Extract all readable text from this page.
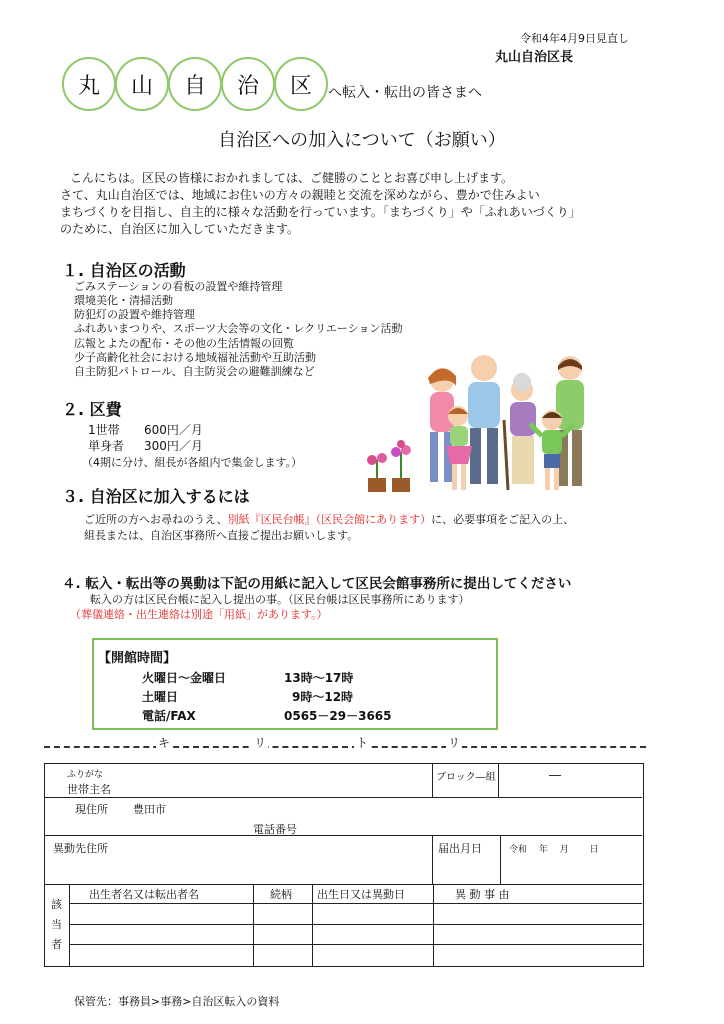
令和4年4月9日見直し
丸山自治区長
丸	山	自	治	区	へ転入・転出の皆さまへ
自治区への加入について（お願い）
こんにちは。区民の皆様におかれましては、ご健勝のこととお喜び申し上げます。
さて、丸山自治区では、地域にお住いの方々の親睦と交流を深めながら、豊かで住みよい
まちづくりを目指し、自主的に様々な活動を行っています。「まちづくり」や「ふれあいづくり」
のために、自治区に加入していただきます。
１. 自治区の活動
ごみステーションの看板の設置や維持管理
環境美化・清掃活動
防犯灯の設置や維持管理
ふれあいまつりや、スポーツ大会等の文化・レクリエーション活動
広報とよたの配布・その他の生活情報の回覧
少子高齢化社会における地域福祉活動や互助活動
自主防犯パトロール、自主防災会の避難訓練など
２. 区費
1世帯 600円／月
単身者 300円／月
（4期に分け、組長が各組内で集金します。）
３. 自治区に加入するには
ご近所の方へお尋ねのうえ、別紙『区民台帳』（区民会館にあります）に、必要事項をご記入の上、
組長または、自治区事務所へ直接ご提出お願いします。
４. 転入・転出等の異動は下記の用紙に記入して区民会館事務所に提出してください
転入の方は区民台帳に記入し提出の事。（区民台帳は区民事務所にあります）
（葬儀連絡・出生連絡は別途「用紙」があります。）
【開館時間】
火曜日～金曜日	13時～17時
土曜日	9時～12時
電話/FAX	0565－29－3665
キ	リ	ト	リ
ふりがな
世帯主名
ブロック―組	―
現住所 豊田市
電話番号
異動先住所	届出月日	令和　 年　 月　　 日
出生者名又は転出者名	続柄 出生日又は異動日	異 動 事 由
該
当
者
保管先：事務員>事務>自治区転入の資料
